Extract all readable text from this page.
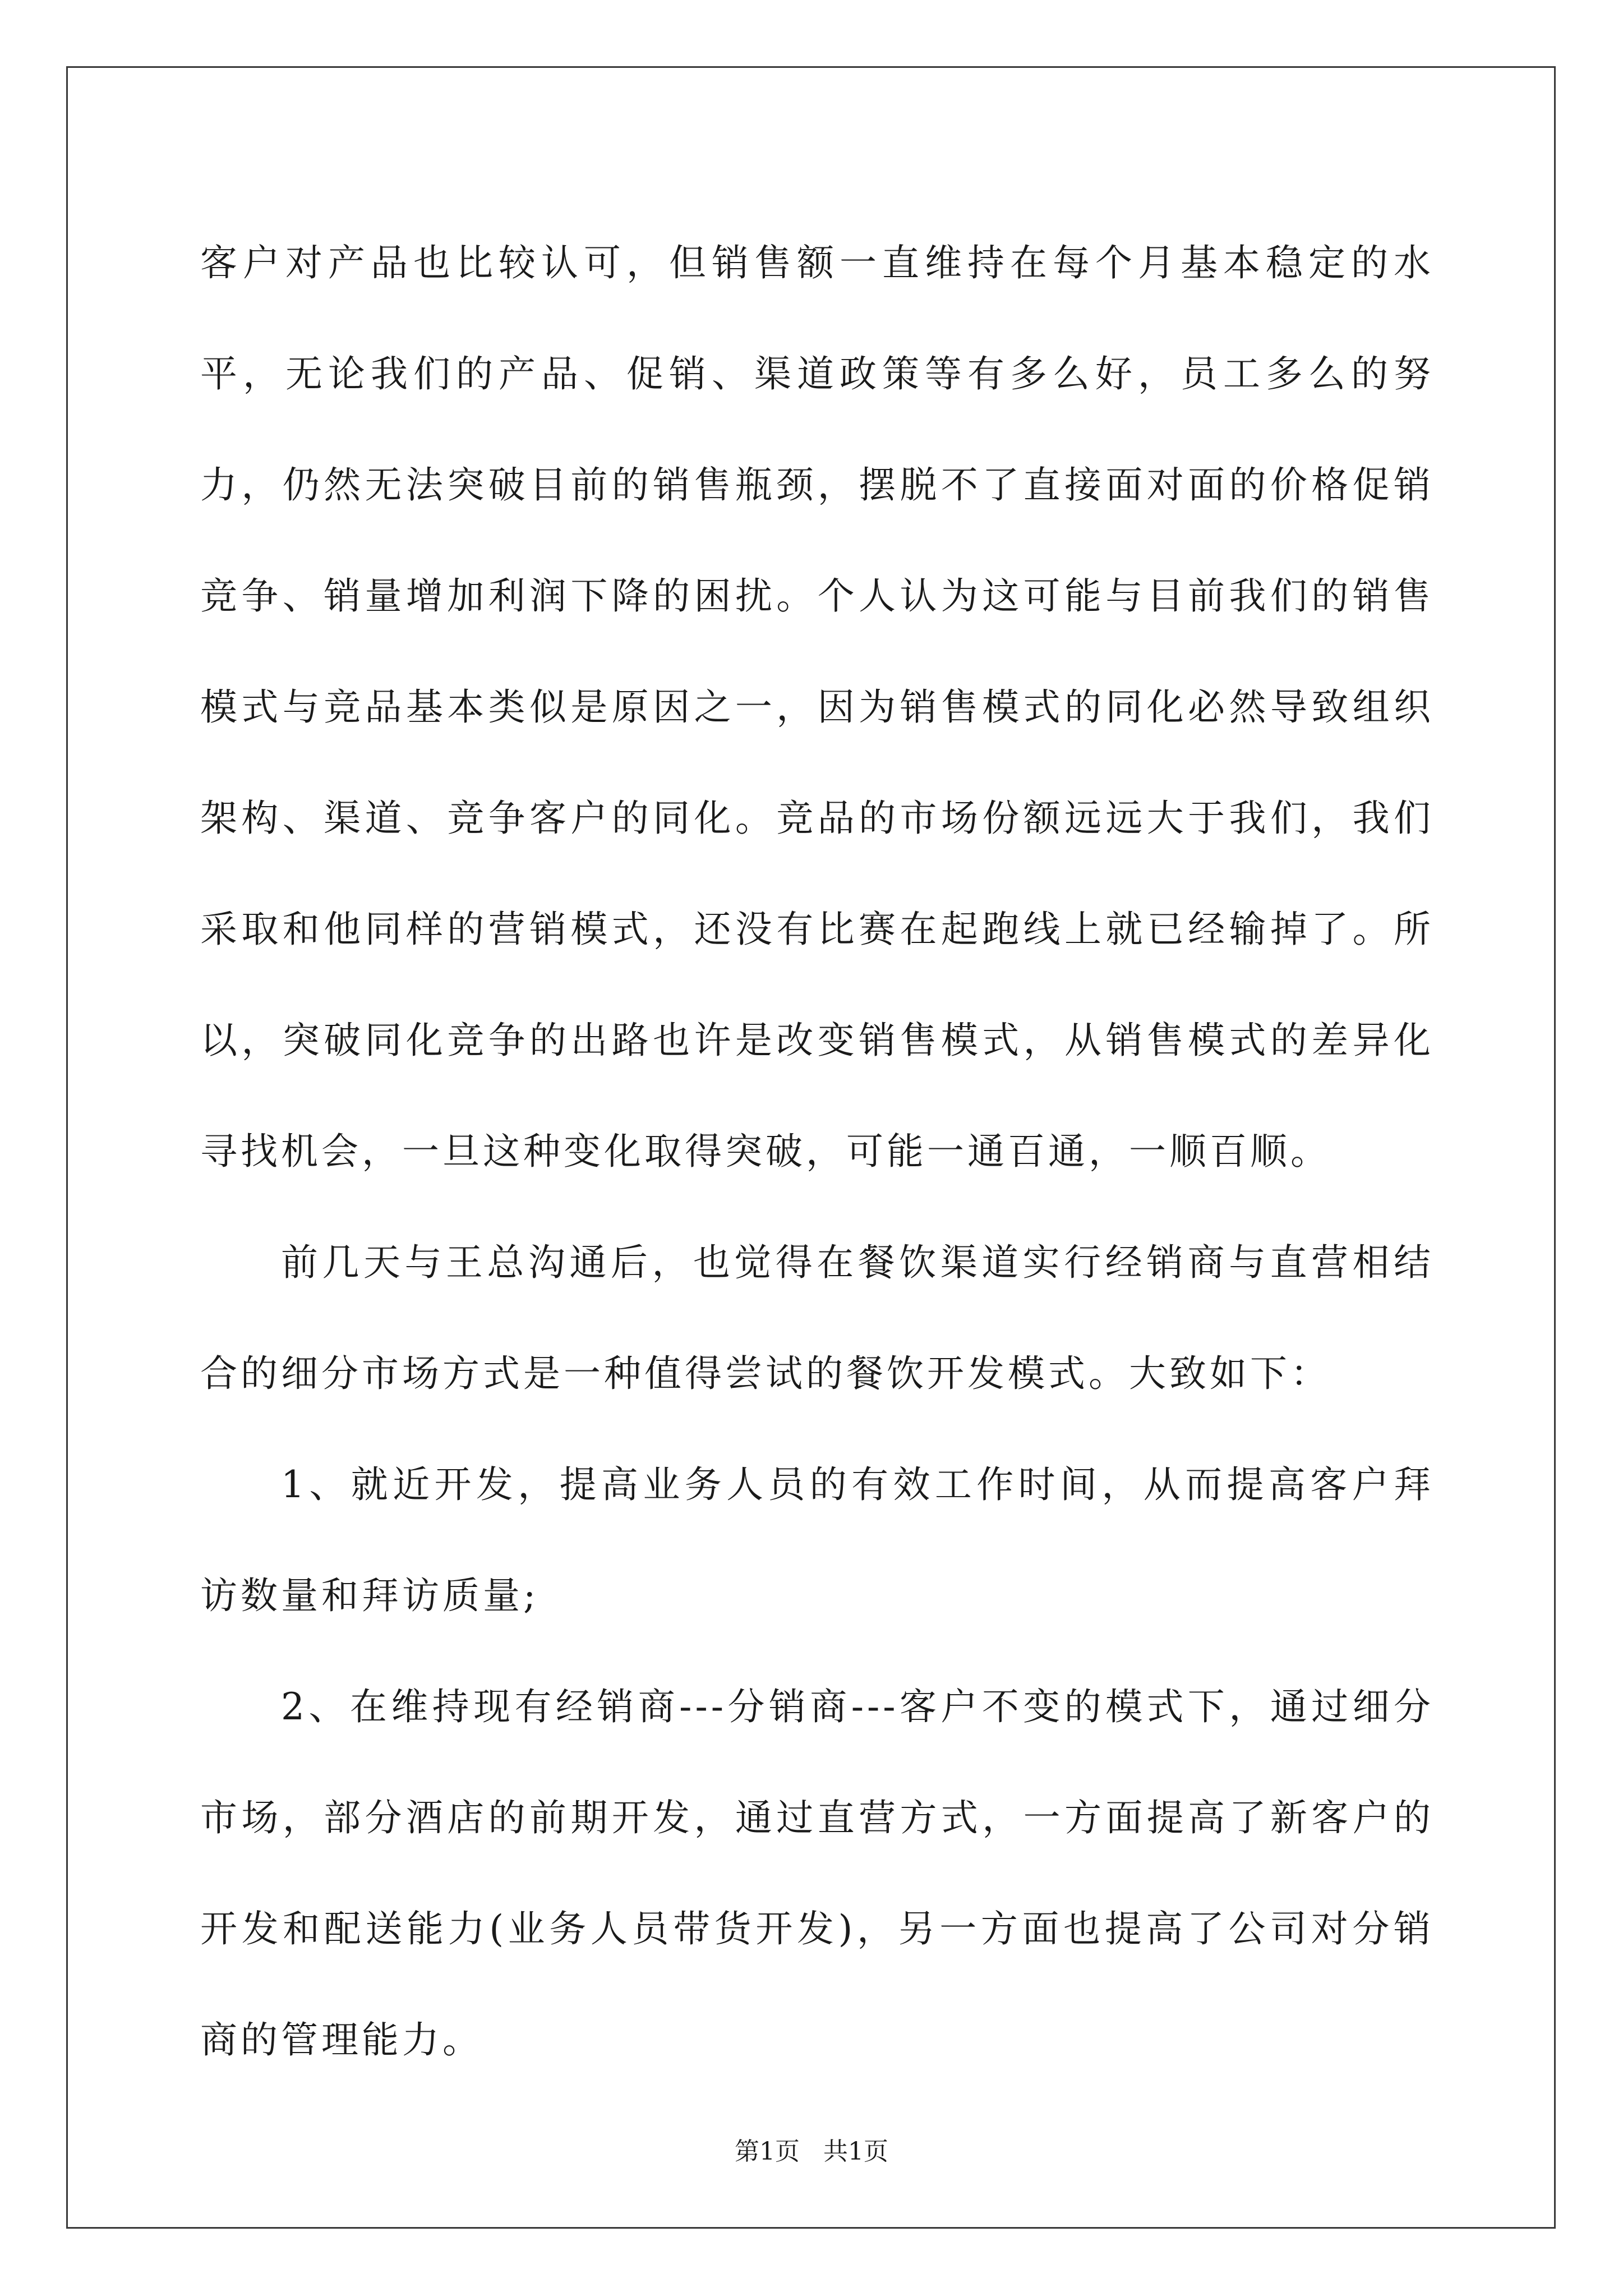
客户对产品也比较认可，但销售额一直维持在每个月基本稳定的水平，无论我们的产品、促销、渠道政策等有多么好，员工多么的努力，仍然无法突破目前的销售瓶颈，摆脱不了直接面对面的价格促销竞争、销量增加利润下降的困扰。个人认为这可能与目前我们的销售模式与竞品基本类似是原因之一，因为销售模式的同化必然导致组织架构、渠道、竞争客户的同化。竞品的市场份额远远大于我们，我们采取和他同样的营销模式，还没有比赛在起跑线上就已经输掉了。所以，突破同化竞争的出路也许是改变销售模式，从销售模式的差异化寻找机会，一旦这种变化取得突破，可能一通百通，一顺百顺。

前几天与王总沟通后，也觉得在餐饮渠道实行经销商与直营相结合的细分市场方式是一种值得尝试的餐饮开发模式。大致如下：

1、就近开发，提高业务人员的有效工作时间，从而提高客户拜访数量和拜访质量;

2、在维持现有经销商---分销商---客户不变的模式下，通过细分市场，部分酒店的前期开发，通过直营方式，一方面提高了新客户的开发和配送能力(业务人员带货开发)，另一方面也提高了公司对分销商的管理能力。

第1页   共1页
